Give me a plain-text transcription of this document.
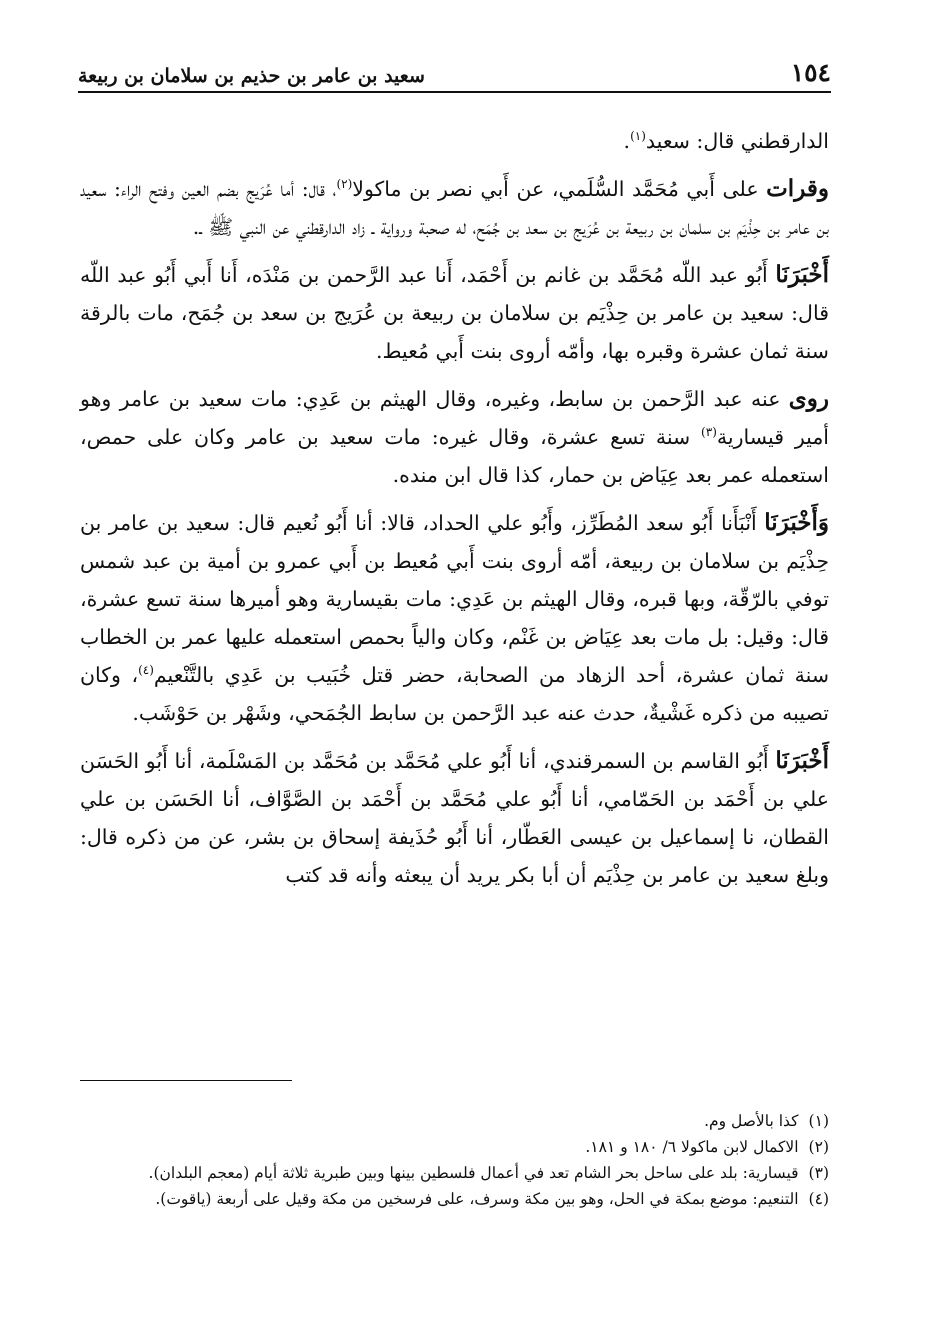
١٥٤
سعيد بن عامر بن حذيم بن سلامان بن ربيعة

الدارقطني قال: سعيد$^{(١)}$.

وقرات على أَبي مُحَمَّد السُّلَمي، عن أَبي نصر بن ماكولا$^{(٢)}$، قال: أما عُرَيج بضم العين وفتح الراء: سعيد بن عامر بن حِذْيَم بن سلمان بن ربيعة بن عُرَيج بن سعد بن جُمَح، له صحبة ورواية ـ زاد الدارقطني عن النبي ﷺ ـ.

أَخْبَرَنَا أَبُو عبد اللّه مُحَمَّد بن غانم بن أَحْمَد، أَنا عبد الرَّحمن بن مَنْدَه، أَنا أَبي أَبُو عبد اللّه قال: سعيد بن عامر بن حِذْيَم بن سلامان بن ربيعة بن عُرَيج بن سعد بن جُمَح، مات بالرقة سنة ثمان عشرة وقبره بها، وأمّه أروى بنت أَبي مُعيط.

روى عنه عبد الرَّحمن بن سابط، وغيره، وقال الهيثم بن عَدِي: مات سعيد بن عامر وهو أمير قيسارية$^{(٣)}$ سنة تسع عشرة، وقال غيره: مات سعيد بن عامر وكان على حمص، استعمله عمر بعد عِيَاض بن حمار، كذا قال ابن منده.

وَأَخْبَرَنَا أَنْبَأَنا أَبُو سعد المُطَرِّز، وأَبُو علي الحداد، قالا: أنا أَبُو نُعيم قال: سعيد بن عامر بن حِذْيَم بن سلامان بن ربيعة، أمّه أروى بنت أَبي مُعيط بن أَبي عمرو بن أمية بن عبد شمس توفي بالرّقّة، وبها قبره، وقال الهيثم بن عَدِي: مات بقيسارية وهو أميرها سنة تسع عشرة، قال: وقيل: بل مات بعد عِيَاض بن غَنْم، وكان والياً بحمص استعمله عليها عمر بن الخطاب سنة ثمان عشرة، أحد الزهاد من الصحابة، حضر قتل خُبَيب بن عَدِي بالتَّنْعيم$^{(٤)}$، وكان تصيبه من ذكره غَشْيةٌ، حدث عنه عبد الرَّحمن بن سابط الجُمَحي، وشَهْر بن حَوْشَب.

أَخْبَرَنَا أَبُو القاسم بن السمرقندي، أنا أَبُو علي مُحَمَّد بن مُحَمَّد بن المَسْلَمة، أنا أَبُو الحَسَن علي بن أَحْمَد بن الحَمّامي، أنا أَبُو علي مُحَمَّد بن أَحْمَد بن الصَّوَّاف، أنا الحَسَن بن علي القطان، نا إسماعيل بن عيسى العَطّار، أنا أَبُو حُذَيفة إسحاق بن بشر، عن من ذكره قال: وبلغ سعيد بن عامر بن حِذْيَم أن أبا بكر يريد أن يبعثه وأنه قد كتب

(١)
كذا بالأصل وم.
(٢)
الاكمال لابن ماكولا ٦/ ١٨٠ و ١٨١.
(٣)
قيسارية: بلد على ساحل بحر الشام تعد في أعمال فلسطين بينها وبين طبرية ثلاثة أيام (معجم البلدان).
(٤)
التنعيم: موضع بمكة في الحل، وهو بين مكة وسرف، على فرسخين من مكة وقيل على أربعة (ياقوت).
